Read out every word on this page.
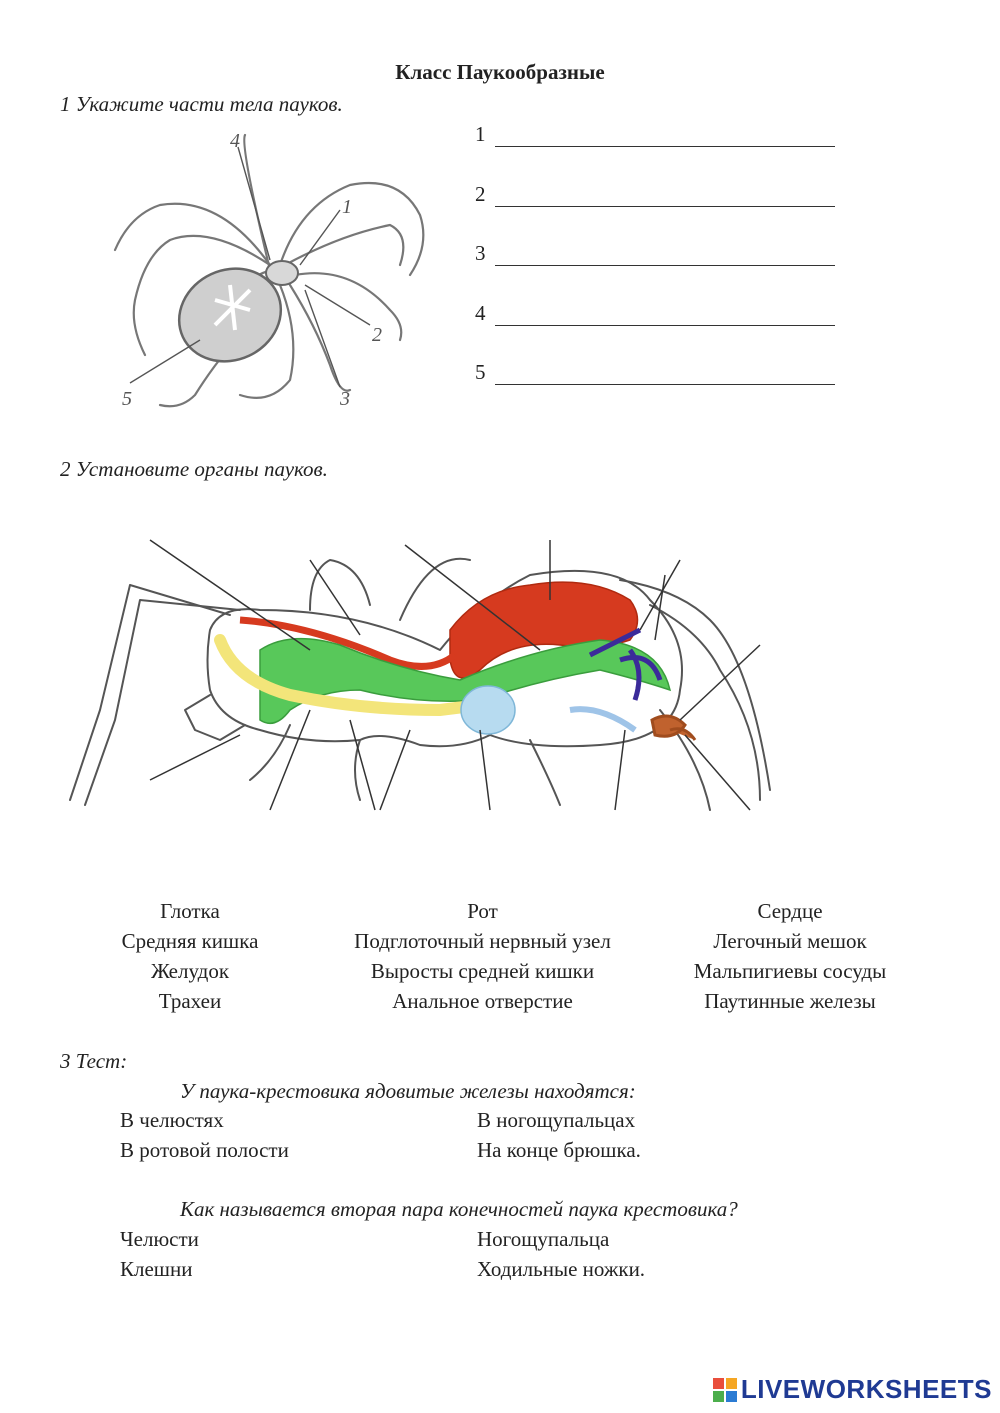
Класс Паукообразные
1 Укажите части тела пауков.
1
2
3
4
5
1
2
3
4
5
2 Установите органы пауков.
Глотка	Рот	Сердце
Средняя кишка	Подглоточный нервный узел	Легочный мешок
Желудок	Выросты средней кишки	Мальпигиевы сосуды
Трахеи	Анальное отверстие	Паутинные железы
3 Тест:
У паука-крестовика ядовитые железы находятся:
В челюстях	В ногощупальцах
В ротовой полости	На конце брюшка.
Как называется вторая пара конечностей паука крестовика?
Челюсти	Ногощупальца
Клешни	Ходильные ножки.
LIVEWORKSHEETS
